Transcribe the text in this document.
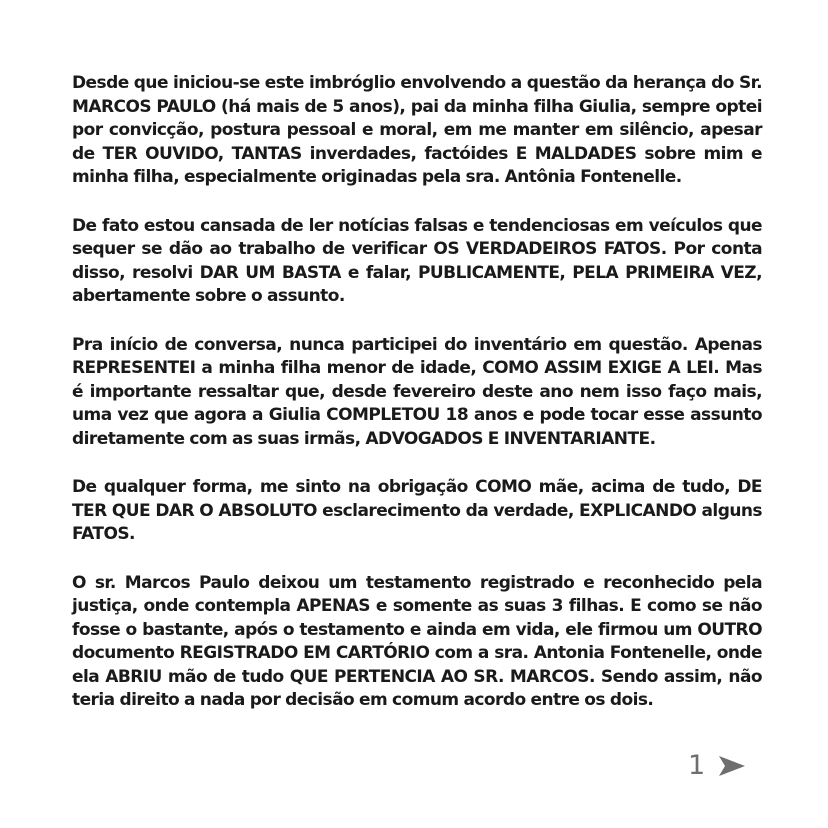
Desde que iniciou-se este imbróglio envolvendo a questão da herança do Sr. MARCOS PAULO (há mais de 5 anos), pai da minha filha Giulia, sempre optei por convicção, postura pessoal e moral, em me manter em silêncio, apesar de TER OUVIDO, TANTAS inverdades, factóides E MALDADES sobre mim e minha filha, especialmente originadas pela sra. Antônia Fontenelle.

De fato estou cansada de ler notícias falsas e tendenciosas em veículos que sequer se dão ao trabalho de verificar OS VERDADEIROS FATOS. Por conta disso, resolvi DAR UM BASTA e falar, PUBLICAMENTE, PELA PRIMEIRA VEZ, abertamente sobre o assunto.

Pra início de conversa, nunca participei do inventário em questão. Apenas REPRESENTEI a minha filha menor de idade, COMO ASSIM EXIGE A LEI. Mas é importante ressaltar que, desde fevereiro deste ano nem isso faço mais, uma vez que agora a Giulia COMPLETOU 18 anos e pode tocar esse assunto diretamente com as suas irmãs, ADVOGADOS E INVENTARIANTE.

De qualquer forma, me sinto na obrigação COMO mãe, acima de tudo, DE TER QUE DAR O ABSOLUTO esclarecimento da verdade, EXPLICANDO alguns FATOS.

O sr. Marcos Paulo deixou um testamento registrado e reconhecido pela justiça, onde contempla APENAS e somente as suas 3 filhas. E como se não fosse o bastante, após o testamento e ainda em vida, ele firmou um OUTRO documento REGISTRADO EM CARTÓRIO com a sra. Antonia Fontenelle, onde ela ABRIU mão de tudo QUE PERTENCIA AO SR. MARCOS. Sendo assim, não teria direito a nada por decisão em comum acordo entre os dois.

1
